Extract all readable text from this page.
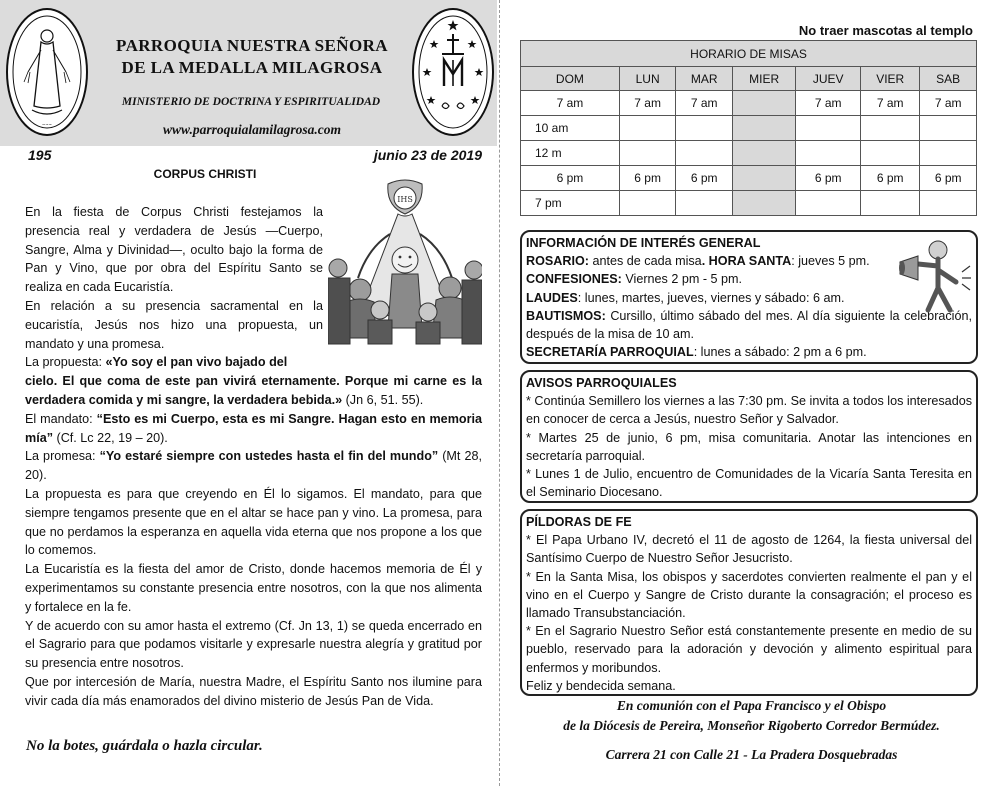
~~~
PARROQUIA NUESTRA SEÑORA
DE LA MEDALLA MILAGROSA
MINISTERIO DE DOCTRINA Y ESPIRITUALIDAD
www.parroquialamilagrosa.com
195	junio 23 de 2019
CORPUS CHRISTI
IHS

En la fiesta de Corpus Christi festejamos la presencia real y verdadera de Jesús —Cuerpo, Sangre, Alma y Divinidad—, oculto bajo la forma de Pan y Vino, que por obra del Espíritu Santo se realiza en cada Eucaristía.

En relación a su presencia sacramental en la eucaristía, Jesús nos hizo una propuesta, un mandato y una promesa.

La propuesta: «Yo soy el pan vivo bajado del

cielo. El que coma de este pan vivirá eternamente. Porque mi carne es la verdadera comida y mi sangre, la verdadera bebida.» (Jn 6, 51. 55).

El mandato: “Esto es mi Cuerpo, esta es mi Sangre. Hagan esto en memoria mía” (Cf. Lc 22, 19 – 20).

La promesa: “Yo estaré siempre con ustedes hasta el fin del mundo” (Mt 28, 20).

La propuesta es para que creyendo en Él lo sigamos. El mandato, para que siempre tengamos presente que en el altar se hace pan y vino. La promesa, para que no perdamos la esperanza en aquella vida eterna que nos propone a los que lo comemos.

La Eucaristía es la fiesta del amor de Cristo, donde hacemos memoria de Él y experimentamos su constante presencia entre nosotros, con la que nos alimenta y fortalece en la fe.

Y de acuerdo con su amor hasta el extremo (Cf. Jn 13, 1) se queda encerrado en el Sagrario para que podamos visitarle y expresarle nuestra alegría y gratitud por su presencia entre nosotros.

Que por intercesión de María, nuestra Madre, el Espíritu Santo nos ilumine para vivir cada día más enamorados del divino misterio de Jesús Pan de Vida.

No la botes, guárdala o hazla circular.
No traer mascotas al templo
HORARIO DE MISAS						
DOM	LUN	MAR	MIER	JUEV	VIER	SAB
7 am	7 am	7 am		7 am	7 am	7 am
10 am						
12 m						
6 pm	6 pm	6 pm		6 pm	6 pm	6 pm
7 pm						
INFORMACIÓN DE INTERÉS GENERAL
ROSARIO: antes de cada misa. HORA SANTA: jueves 5 pm.
CONFESIONES: Viernes 2 pm - 5 pm.
LAUDES: lunes, martes, jueves, viernes y sábado: 6 am.
BAUTISMOS: Cursillo, último sábado del mes. Al día siguiente la celebración, después de la misa de 10 am.
SECRETARÍA PARROQUIAL: lunes a sábado: 2 pm a 6 pm.
AVISOS PARROQUIALES
* Continúa Semillero los viernes a las 7:30 pm. Se invita a todos los interesados en conocer de cerca a Jesús, nuestro Señor y Salvador.
* Martes 25 de junio, 6 pm, misa comunitaria. Anotar las intenciones en secretaría parroquial.
* Lunes 1 de Julio, encuentro de Comunidades de la Vicaría Santa Teresita en el Seminario Diocesano.
PÍLDORAS DE FE
* El Papa Urbano IV, decretó el 11 de agosto de 1264, la fiesta universal del Santísimo Cuerpo de Nuestro Señor Jesucristo.
* En la Santa Misa, los obispos y sacerdotes convierten realmente el pan y el vino en el Cuerpo y Sangre de Cristo durante la consagración; el proceso es llamado Transubstanciación.
* En el Sagrario Nuestro Señor está constantemente presente en medio de su pueblo, reservado para la adoración y devoción y alimento espiritual para enfermos y moribundos.
Feliz y bendecida semana.
En comunión con el Papa Francisco y el Obispo
de la Diócesis de Pereira, Monseñor Rigoberto Corredor Bermúdez.
Carrera 21 con Calle 21 - La Pradera Dosquebradas
